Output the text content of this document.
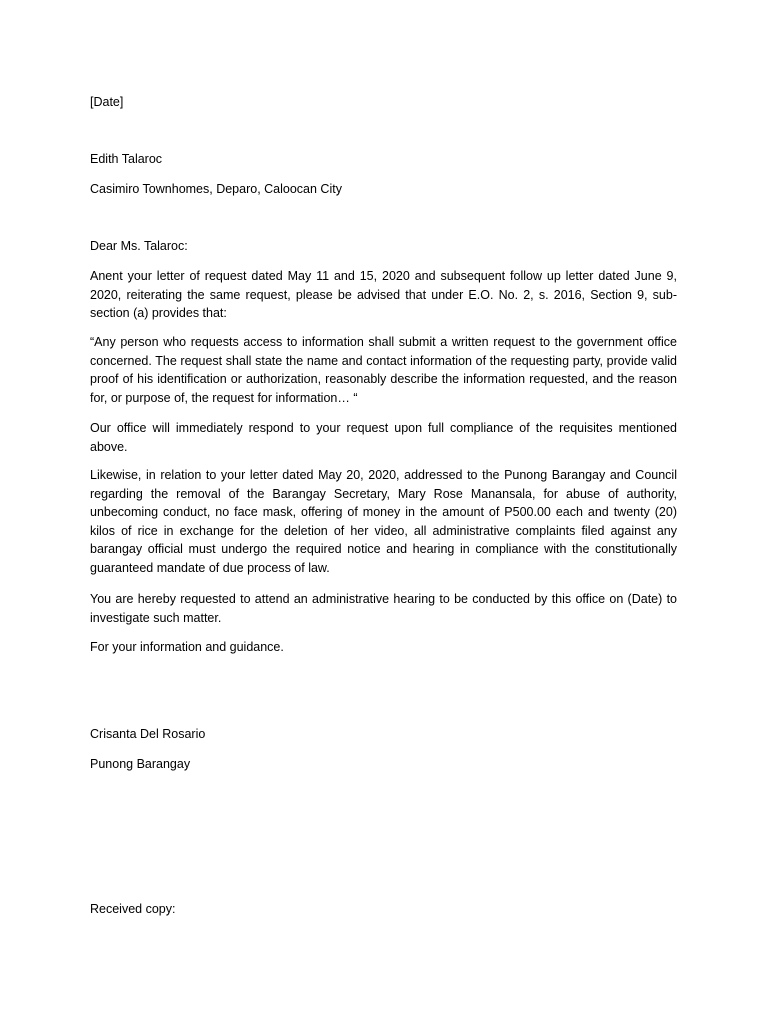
[Date]

Edith Talaroc

Casimiro Townhomes, Deparo, Caloocan City

Dear Ms. Talaroc:

Anent your letter of request dated May 11 and 15, 2020 and subsequent follow up letter dated June 9, 2020, reiterating the same request, please be advised that under E.O. No. 2, s. 2016, Section 9, sub-section (a) provides that:

“Any person who requests access to information shall submit a written request to the government office concerned. The request shall state the name and contact information of the requesting party, provide valid proof of his identification or authorization, reasonably describe the information requested, and the reason for, or purpose of, the request for information… “

Our office will immediately respond to your request upon full compliance of the requisites mentioned above.

Likewise, in relation to your letter dated May 20, 2020, addressed to the Punong Barangay and Council regarding the removal of the Barangay Secretary, Mary Rose Manansala, for abuse of authority, unbecoming conduct, no face mask, offering of money in the amount of P500.00 each and twenty (20) kilos of rice in exchange for the deletion of her video, all administrative complaints filed against any barangay official must undergo the required notice and hearing in compliance with the constitutionally guaranteed mandate of due process of law.

You are hereby requested to attend an administrative hearing to be conducted by this office on (Date) to investigate such matter.

For your information and guidance.

Crisanta Del Rosario

Punong Barangay

Received copy:
